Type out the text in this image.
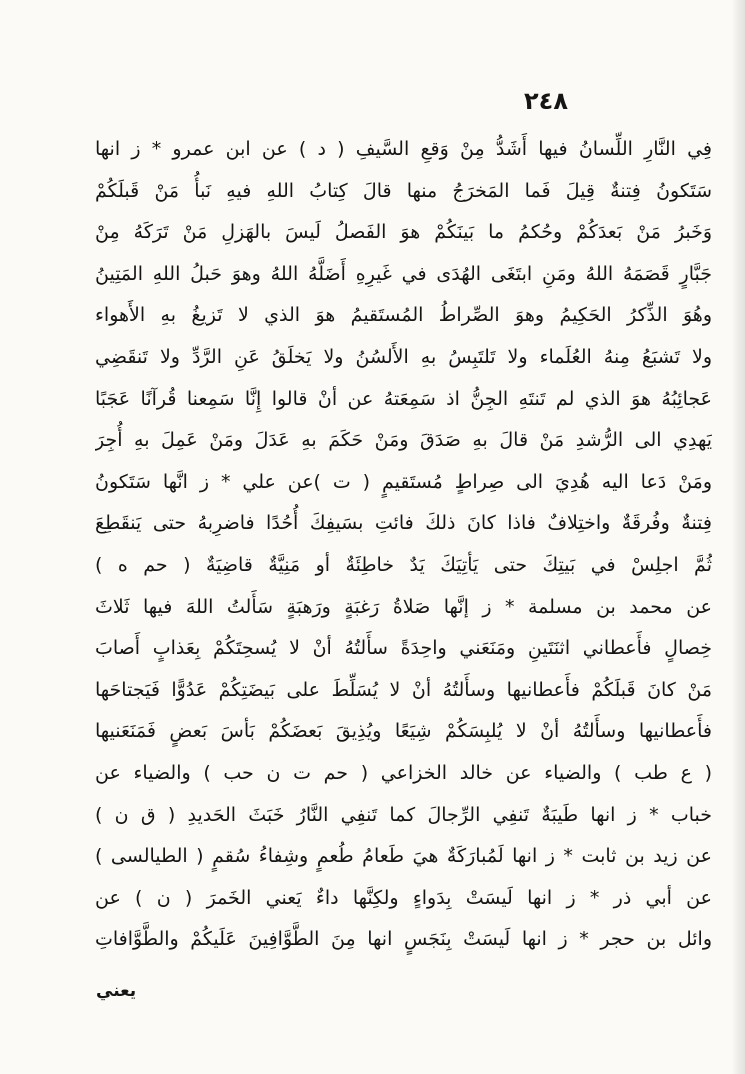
٢٤٨
فِي النَّارِ اللِّسانُ فيها أَشَدُّ مِنْ وَقعِ السَّيفِ ( د ) عن ابن عمرو * ز انها
سَتَكونُ فِتنةٌ قِيلَ فَما المَخرَجُ منها قالَ كِتابُ اللهِ فيهِ نَبأُ مَنْ قَبلَكُمْ
وَخَبرُ مَنْ بَعدَكُمْ وحُكمُ ما بَينَكُمْ هوَ الفَصلُ لَيسَ بالهَزلِ مَنْ تَرَكَهُ مِنْ
جَبَّارٍ قَصَمَهُ اللهُ ومَنِ ابتَغَى الهُدَى في غَيرِهِ أَضَلَّهُ اللهُ وهوَ حَبلُ اللهِ المَتِينُ
وهُوَ الذِّكرُ الحَكِيمُ وهوَ الصِّراطُ المُستَقيمُ هوَ الذي لا تَزيغُ بهِ الأَهواء
ولا تَشبَعُ مِنهُ العُلَماء ولا تَلتَبِسُ بهِ الأَلسُنُ ولا يَخلَقُ عَنِ الرَّدِّ ولا تَنقَضِي
عَجائِبُهُ هوَ الذي لم تَنتَهِ الجِنُّ اذ سَمِعَتهُ عن أنْ قالوا إِنَّا سَمِعنا قُرآنًا عَجَبًا
يَهدِي الى الرُّشدِ مَنْ قالَ بهِ صَدَقَ ومَنْ حَكَمَ بهِ عَدَلَ ومَنْ عَمِلَ بهِ أُجِرَ
ومَنْ دَعا اليه هُدِيَ الى صِراطٍ مُستَقيمٍ ( ت )عن علي * ز انَّها سَتَكونُ
فِتنةٌ وفُرقَةٌ واختِلافٌ فاذا كانَ ذلكَ فائتِ بسَيفِكَ أُحُدًا فاضرِبهُ حتى يَنقَطِعَ
ثُمَّ اجلِسْ في بَيتِكَ حتى يَأتِيَكَ يَدٌ خاطِئَةٌ أو مَنِيَّةٌ قاضِيَةٌ ( حم ه )
عن محمد بن مسلمة * ز إنَّها صَلاةُ رَغبَةٍ ورَهبَةٍ سَأَلتُ اللهَ فيها ثَلاثَ
خِصالٍ فأَعطاني اثنَتَينِ ومَنَعَني واحِدَةً سأَلتُهُ أنْ لا يُسحِتَكُمْ بِعَذابٍ أَصابَ
مَنْ كانَ قَبلَكُمْ فأَعطانيها وسأَلتُهُ أنْ لا يُسَلِّطَ على بَيضَتِكُمْ عَدُوًّا فَيَجتاحَها
فأَعطانيها وسأَلتُهُ أنْ لا يُلبِسَكُمْ شِيَعًا ويُذِيقَ بَعضَكُمْ بَأسَ بَعضٍ فَمَنَعَنيها
( ع طب ) والضياء عن خالد الخزاعي ( حم ت ن حب ) والضياء عن
خباب * ز انها طَيبَةٌ تَنفِي الرِّجالَ كما تَنفِي النَّارُ خَبَثَ الحَديدِ ( ق ن )
عن زيد بن ثابت * ز انها لَمُبارَكَةٌ هيَ طَعامُ طُعمٍ وشِفاءُ سُقمٍ ( الطيالسى )
عن أبي ذر * ز انها لَيسَتْ بِدَواءٍ ولكِنَّها داءٌ يَعني الخَمرَ ( ن ) عن
وائل بن حجر * ز انها لَيسَتْ بِنَجَسٍ انها مِنَ الطَّوَّافِينَ عَلَيكُمْ والطَّوَّافاتِ
يعني
